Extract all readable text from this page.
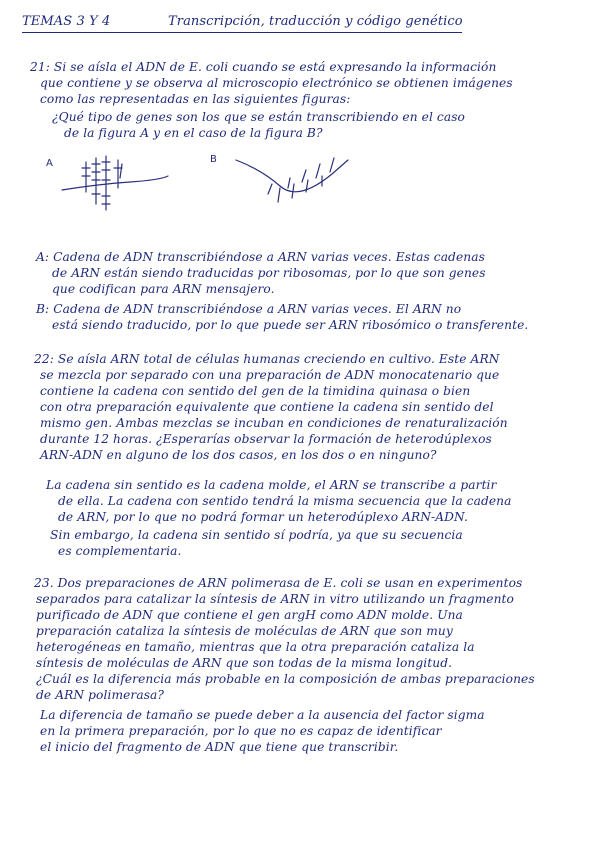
TEMAS 3 Y 4	Transcripción, traducción y código genético
21: Si se aísla el ADN de E. coli cuando se está expresando la información
que contiene y se observa al microscopio electrónico se obtienen imágenes
como las representadas en las siguientes figuras:
¿Qué tipo de genes son los que se están transcribiendo en el caso
de la figura A y en el caso de la figura B?
A	B
A: Cadena de ADN transcribiéndose a ARN varias veces. Estas cadenas
de ARN están siendo traducidas por ribosomas, por lo que son genes
que codifican para ARN mensajero.
B: Cadena de ADN transcribiéndose a ARN varias veces. El ARN no
está siendo traducido, por lo que puede ser ARN ribosómico o transferente.
22: Se aísla ARN total de células humanas creciendo en cultivo. Este ARN
se mezcla por separado con una preparación de ADN monocatenario que
contiene la cadena con sentido del gen de la timidina quinasa o bien
con otra preparación equivalente que contiene la cadena sin sentido del
mismo gen. Ambas mezclas se incuban en condiciones de renaturalización
durante 12 horas. ¿Esperarías observar la formación de heterodúplexos
ARN-ADN en alguno de los dos casos, en los dos o en ninguno?
La cadena sin sentido es la cadena molde, el ARN se transcribe a partir
de ella. La cadena con sentido tendrá la misma secuencia que la cadena
de ARN, por lo que no podrá formar un heterodúplexo ARN-ADN.
Sin embargo, la cadena sin sentido sí podría, ya que su secuencia
es complementaria.
23. Dos preparaciones de ARN polimerasa de E. coli se usan en experimentos
separados para catalizar la síntesis de ARN in vitro utilizando un fragmento
purificado de ADN que contiene el gen argH como ADN molde. Una
preparación cataliza la síntesis de moléculas de ARN que son muy
heterogéneas en tamaño, mientras que la otra preparación cataliza la
síntesis de moléculas de ARN que son todas de la misma longitud.
¿Cuál es la diferencia más probable en la composición de ambas preparaciones
de ARN polimerasa?
La diferencia de tamaño se puede deber a la ausencia del factor sigma
en la primera preparación, por lo que no es capaz de identificar
el inicio del fragmento de ADN que tiene que transcribir.
